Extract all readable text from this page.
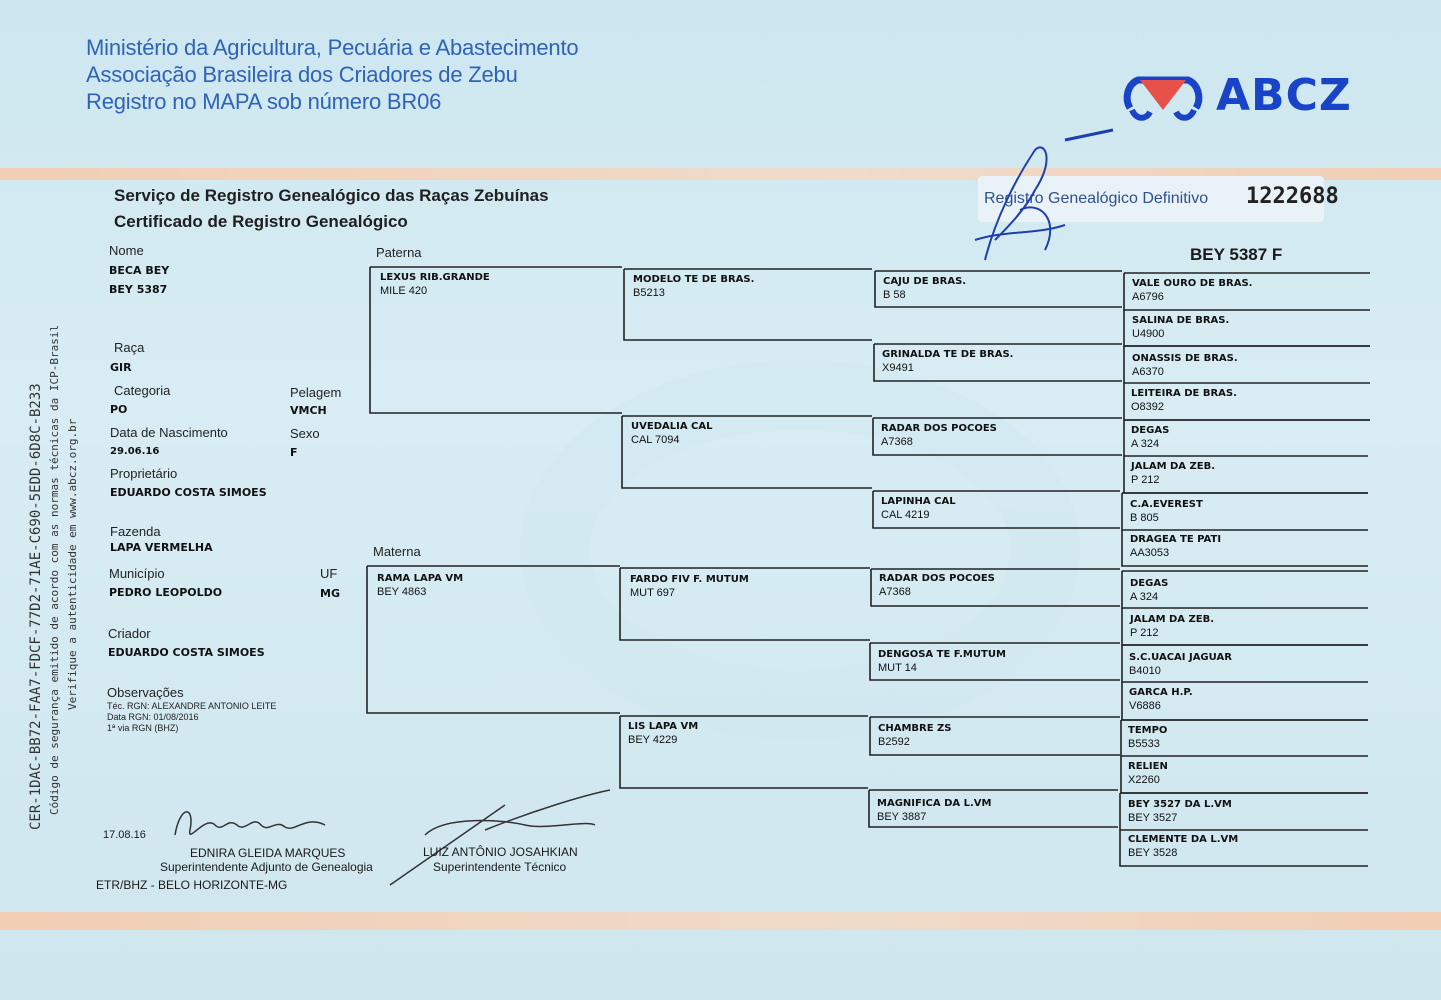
Ministério da Agricultura, Pecuária e Abastecimento
Associação Brasileira dos Criadores de Zebu
Registro no MAPA sob número BR06	ABCZ
Serviço de Registro Genealógico das Raças Zebuínas
Certificado de Registro Genealógico
Registro Genealógico Definitivo 1222688
BEY 5387 F
CER-1DAC-BB72-FAA7-FDCF-77D2-71AE-C690-5EDD-6D8C-B233 Código de segurança emitido de acordo com as normas técnicas da ICP-Brasil Verifique a autenticidade em www.abcz.org.br
Nome
BECA BEY
BEY 5387
Raça
GIR
Categoria
PO
Pelagem
VMCH
Data de Nascimento
29.06.16
Sexo
F
Proprietário
EDUARDO COSTA SIMOES
Fazenda
LAPA VERMELHA
Município
PEDRO LEOPOLDO
UF
MG
Criador
EDUARDO COSTA SIMOES
Observações
Téc. RGN: ALEXANDRE ANTONIO LEITE
Data RGN: 01/08/2016
1ª via RGN (BHZ)
Paterna
Materna
LEXUS RIB.GRANDE
MILE 420
RAMA LAPA VM
BEY 4863
MODELO TE DE BRAS.
B5213
UVEDALIA CAL
CAL 7094
FARDO FIV F. MUTUM
MUT 697
LIS LAPA VM
BEY 4229
CAJU DE BRAS.
B 58
GRINALDA TE DE BRAS.
X9491
RADAR DOS POCOES
A7368
LAPINHA CAL
CAL 4219
RADAR DOS POCOES
A7368
DENGOSA TE F.MUTUM
MUT 14
CHAMBRE ZS
B2592
MAGNIFICA DA L.VM
BEY 3887
VALE OURO DE BRAS.
A6796
SALINA DE BRAS.
U4900
ONASSIS DE BRAS.
A6370
LEITEIRA DE BRAS.
O8392
DEGAS
A 324
JALAM DA ZEB.
P 212
C.A.EVEREST
B 805
DRAGEA TE PATI
AA3053
DEGAS
A 324
JALAM DA ZEB.
P 212
S.C.UACAI JAGUAR
B4010
GARCA H.P.
V6886
TEMPO
B5533
RELIEN
X2260
BEY 3527 DA L.VM
BEY 3527
CLEMENTE DA L.VM
BEY 3528
17.08.16
EDNIRA GLEIDA MARQUES
Superintendente Adjunto de Genealogia
LUIZ ANTÔNIO JOSAHKIAN
Superintendente Técnico
ETR/BHZ - BELO HORIZONTE-MG
